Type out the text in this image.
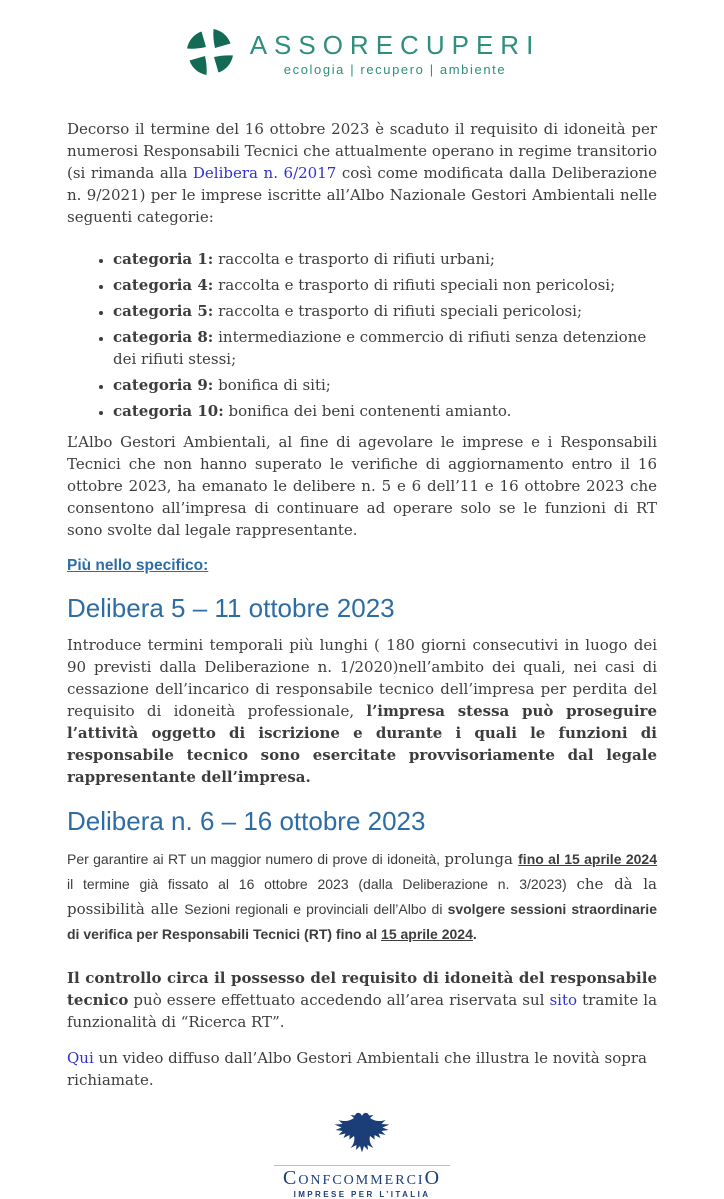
ASSORECUPERI
ecologia | recupero | ambiente

Decorso il termine del 16 ottobre 2023 è scaduto il requisito di idoneità per numerosi Responsabili Tecnici che attualmente operano in regime transitorio (si rimanda alla Delibera n. 6/2017 così come modificata dalla Deliberazione n. 9/2021) per le imprese iscritte all’Albo Nazionale Gestori Ambientali nelle seguenti categorie:

• categoria 1: raccolta e trasporto di rifiuti urbani;
• categoria 4: raccolta e trasporto di rifiuti speciali non pericolosi;
• categoria 5: raccolta e trasporto di rifiuti speciali pericolosi;
• categoria 8: intermediazione e commercio di rifiuti senza detenzione dei rifiuti stessi;
• categoria 9: bonifica di siti;
• categoria 10: bonifica dei beni contenenti amianto.

L’Albo Gestori Ambientali, al fine di agevolare le imprese e i Responsabili Tecnici che non hanno superato le verifiche di aggiornamento entro il 16 ottobre 2023, ha emanato le delibere n. 5 e 6 dell’11 e 16 ottobre 2023 che consentono all’impresa di continuare ad operare solo se le funzioni di RT sono svolte dal legale rappresentante.

Più nello specifico:
Delibera 5 – 11 ottobre 2023

Introduce termini temporali più lunghi ( 180 giorni consecutivi in luogo dei 90 previsti dalla Deliberazione n. 1/2020)nell’ambito dei quali, nei casi di cessazione dell’incarico di responsabile tecnico dell’impresa per perdita del requisito di idoneità professionale, l’impresa stessa può proseguire l’attività oggetto di iscrizione e durante i quali le funzioni di responsabile tecnico sono esercitate provvisoriamente dal legale rappresentante dell’impresa.

Delibera n. 6 – 16 ottobre 2023

Per garantire ai RT un maggior numero di prove di idoneità, prolunga fino al 15 aprile 2024 il termine già fissato al 16 ottobre 2023 (dalla Deliberazione n. 3/2023) che dà la possibilità alle Sezioni regionali e provinciali dell’Albo di svolgere sessioni straordinarie di verifica per Responsabili Tecnici (RT) fino al 15 aprile 2024.

Il controllo circa il possesso del requisito di idoneità del responsabile tecnico può essere effettuato accedendo all’area riservata sul sito tramite la funzionalità di “Ricerca RT”.

Qui un video diffuso dall’Albo Gestori Ambientali che illustra le novità sopra richiamate.

ConfcommerciO
IMPRESE PER L’ITALIA
